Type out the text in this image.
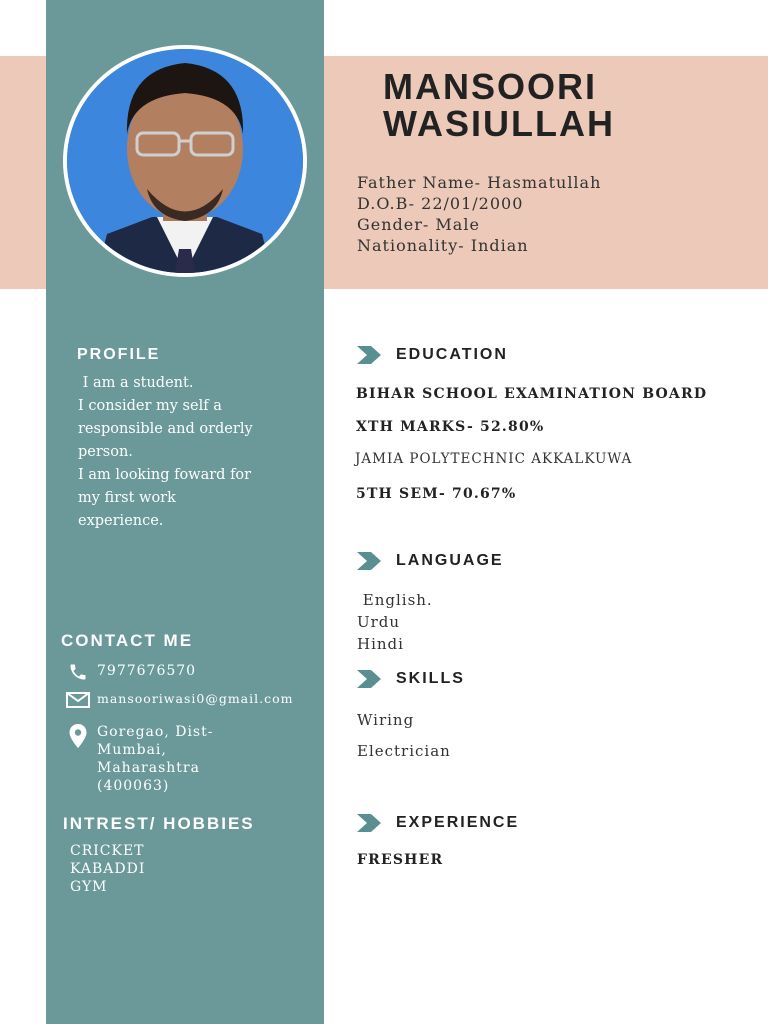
MANSOORI
WASIULLAH
Father Name- Hasmatullah
D.O.B- 22/01/2000
Gender- Male
Nationality- Indian
PROFILE
I am a student.
I consider my self a
responsible and orderly
person.
I am looking foward for
my first work
experience.
CONTACT ME
7977676570
mansooriwasi0@gmail.com
Goregao, Dist-
Mumbai,
Maharashtra
(400063)
INTREST/ HOBBIES
CRICKET
KABADDI
GYM
EDUCATION
BIHAR SCHOOL EXAMINATION BOARD
XTH MARKS- 52.80%
JAMIA POLYTECHNIC AKKALKUWA
5TH SEM- 70.67%
LANGUAGE
English.
Urdu
Hindi
SKILLS
Wiring
Electrician
EXPERIENCE
FRESHER
